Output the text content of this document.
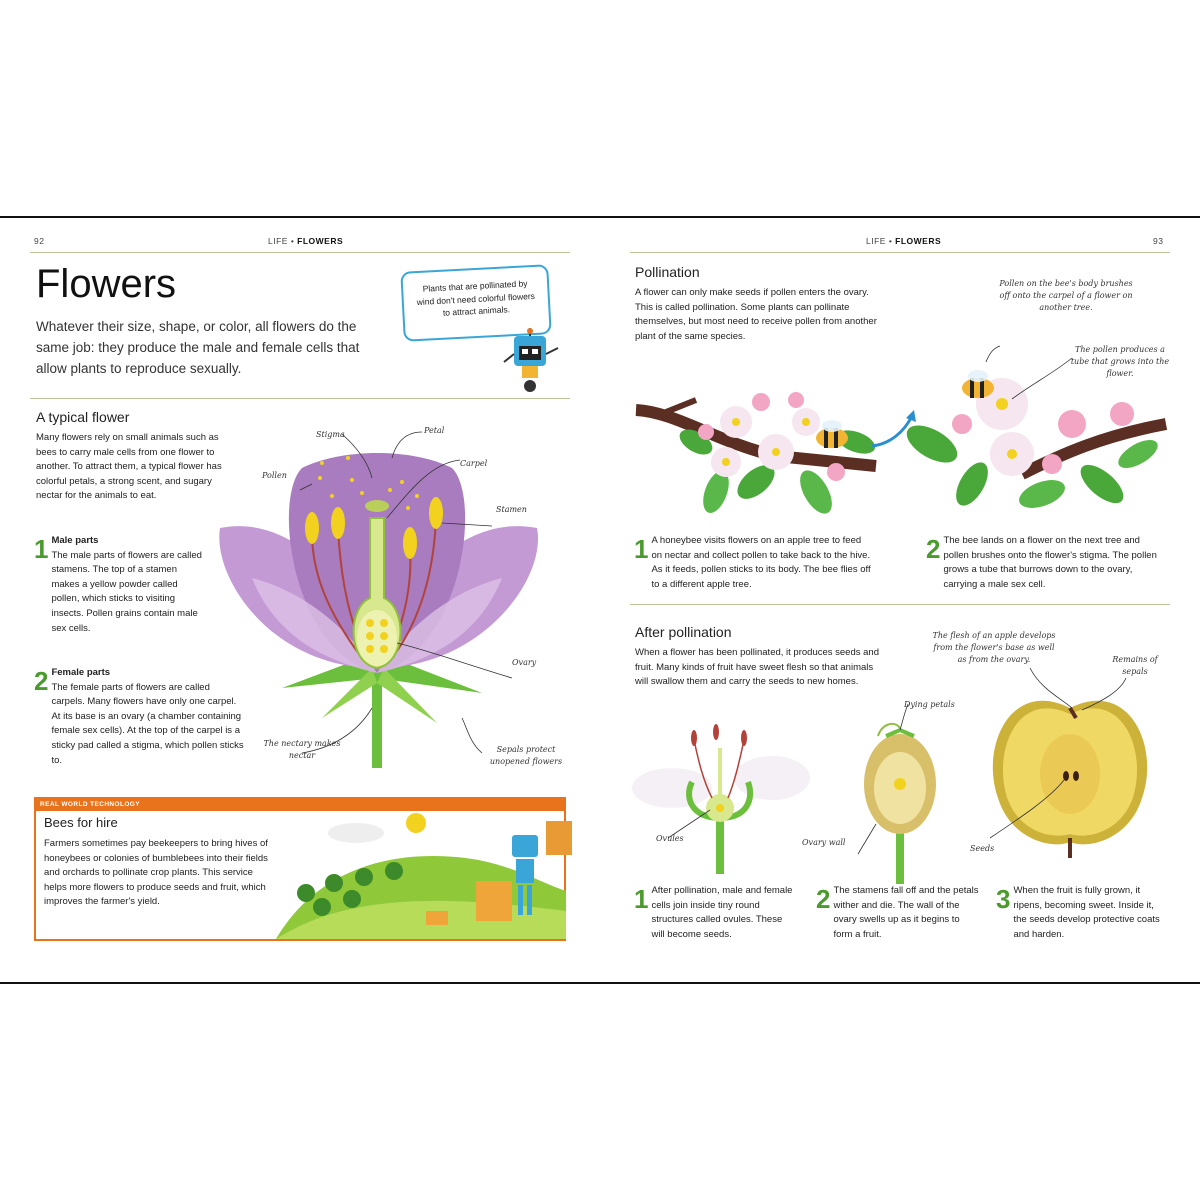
92	LIFE • FLOWERS	LIFE • FLOWERS	93
Flowers
Whatever their size, shape, or color, all flowers do the same job: they produce the male and female cells that allow plants to reproduce sexually.
Plants that are pollinated by wind don't need colorful flowers to attract animals.
A typical flower
Many flowers rely on small animals such as bees to carry male cells from one flower to another. To attract them, a typical flower has colorful petals, a strong scent, and sugary nectar for the animals to eat.
1 Male parts
The male parts of flowers are called stamens. The top of a stamen makes a yellow powder called pollen, which sticks to visiting insects. Pollen grains contain male sex cells.
2 Female parts
The female parts of flowers are called carpels. Many flowers have only one carpel. At its base is an ovary (a chamber containing female sex cells). At the top of the carpel is a sticky pad called a stigma, which pollen sticks to.
Stigma	Petal
Pollen
Carpel
Stamen
Ovary
The nectary makes nectar
Sepals protect unopened flowers
REAL WORLD TECHNOLOGY
Bees for hire
Farmers sometimes pay beekeepers to bring hives of honeybees or colonies of bumblebees into their fields and orchards to pollinate crop plants. This service helps more flowers to produce seeds and fruit, which improves the farmer's yield.
Pollination
A flower can only make seeds if pollen enters the ovary. This is called pollination. Some plants can pollinate themselves, but most need to receive pollen from another plant of the same species.
Pollen on the bee's body brushes off onto the carpel of a flower on another tree.
The pollen produces a tube that grows into the flower.
1 A honeybee visits flowers on an apple tree to feed on nectar and collect pollen to take back to the hive. As it feeds, pollen sticks to its body. The bee flies off to a different apple tree.
2 The bee lands on a flower on the next tree and pollen brushes onto the flower's stigma. The pollen grows a tube that burrows down to the ovary, carrying a male sex cell.
After pollination
When a flower has been pollinated, it produces seeds and fruit. Many kinds of fruit have sweet flesh so that animals will swallow them and carry the seeds to new homes.
The flesh of an apple develops from the flower's base as well as from the ovary.	Remains of sepals
Dying petals
Ovules	Ovary wall
Seeds
1 After pollination, male and female cells join inside tiny round structures called ovules. These will become seeds.
2 The stamens fall off and the petals wither and die. The wall of the ovary swells up as it begins to form a fruit.
3 When the fruit is fully grown, it ripens, becoming sweet. Inside it, the seeds develop protective coats and harden.
